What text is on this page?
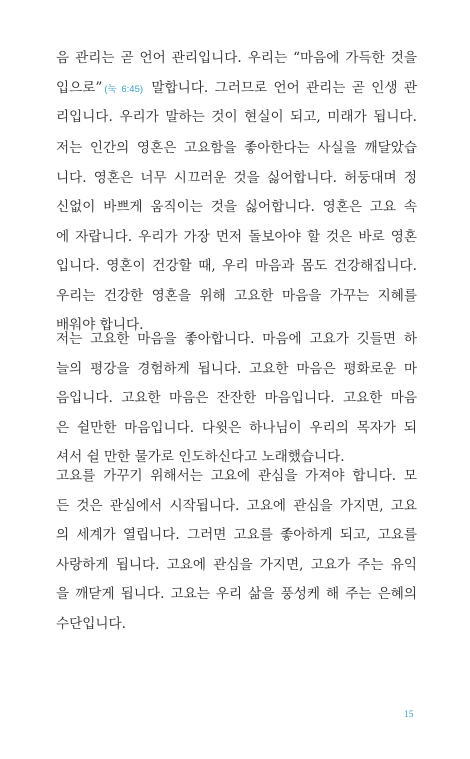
음 관리는 곧 언어 관리입니다. 우리는 “마음에 가득한 것을
입으로” (눅 6:45) 말합니다. 그러므로 언어 관리는 곧 인생 관
리입니다. 우리가 말하는 것이 현실이 되고, 미래가 됩니다.
저는 인간의 영혼은 고요함을 좋아한다는 사실을 깨달았습
니다. 영혼은 너무 시끄러운 것을 싫어합니다. 허둥대며 정
신없이 바쁘게 움직이는 것을 싫어합니다. 영혼은 고요 속
에 자랍니다. 우리가 가장 먼저 돌보아야 할 것은 바로 영혼
입니다. 영혼이 건강할 때, 우리 마음과 몸도 건강해집니다.
우리는 건강한 영혼을 위해 고요한 마음을 가꾸는 지혜를
배워야 합니다.
저는 고요한 마음을 좋아합니다. 마음에 고요가 깃들면 하
늘의 평강을 경험하게 됩니다. 고요한 마음은 평화로운 마
음입니다. 고요한 마음은 잔잔한 마음입니다. 고요한 마음
은 쉴만한 마음입니다. 다윗은 하나님이 우리의 목자가 되
셔서 쉴 만한 물가로 인도하신다고 노래했습니다.
고요를 가꾸기 위해서는 고요에 관심을 가져야 합니다. 모
든 것은 관심에서 시작됩니다. 고요에 관심을 가지면, 고요
의 세계가 열립니다. 그러면 고요를 좋아하게 되고, 고요를
사랑하게 됩니다. 고요에 관심을 가지면, 고요가 주는 유익
을 깨닫게 됩니다. 고요는 우리 삶을 풍성케 해 주는 은혜의
수단입니다.
15
